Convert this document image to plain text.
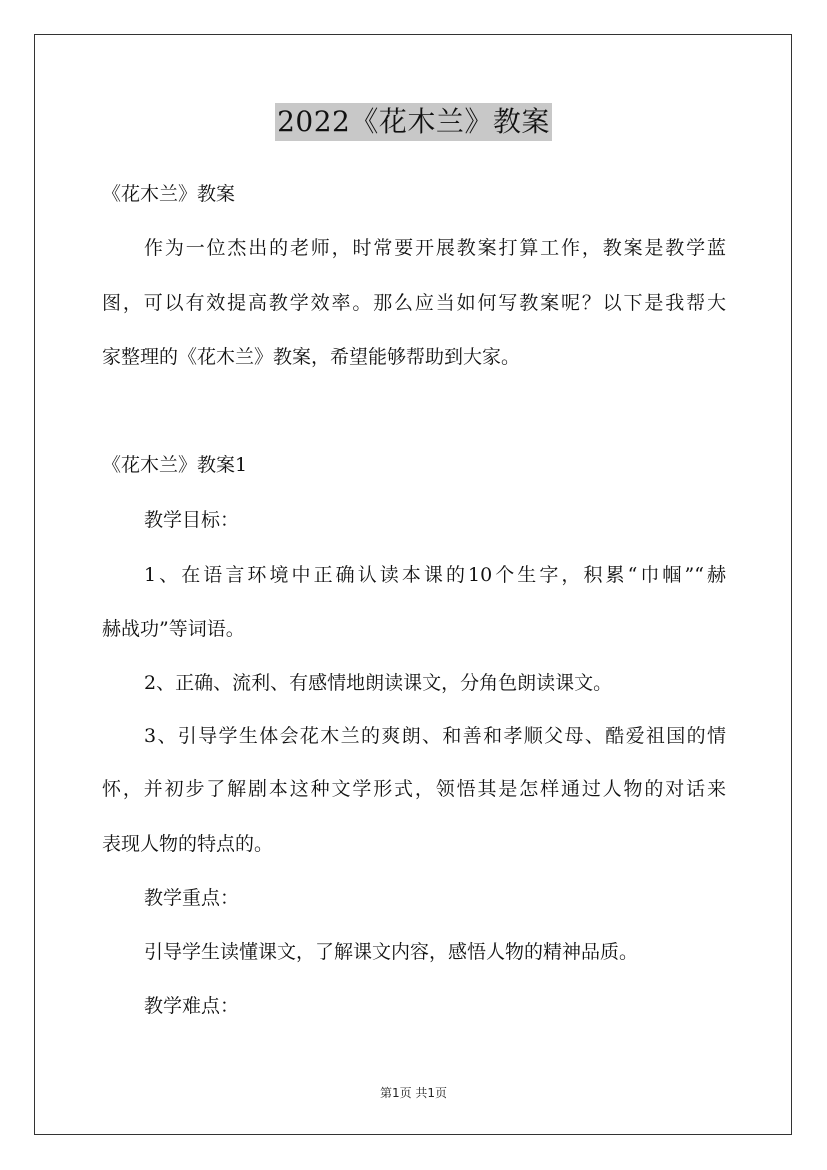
2022《花木兰》教案
《花木兰》教案
作为一位杰出的老师，时常要开展教案打算工作，教案是教学蓝
图，可以有效提高教学效率。那么应当如何写教案呢？以下是我帮大
家整理的《花木兰》教案，希望能够帮助到大家。
《花木兰》教案1
教学目标：
1、在语言环境中正确认读本课的10个生字，积累“巾帼”“赫
赫战功”等词语。
2、正确、流利、有感情地朗读课文，分角色朗读课文。
3、引导学生体会花木兰的爽朗、和善和孝顺父母、酷爱祖国的情
怀，并初步了解剧本这种文学形式，领悟其是怎样通过人物的对话来
表现人物的特点的。
教学重点：
引导学生读懂课文，了解课文内容，感悟人物的精神品质。
教学难点：
第1页 共1页
